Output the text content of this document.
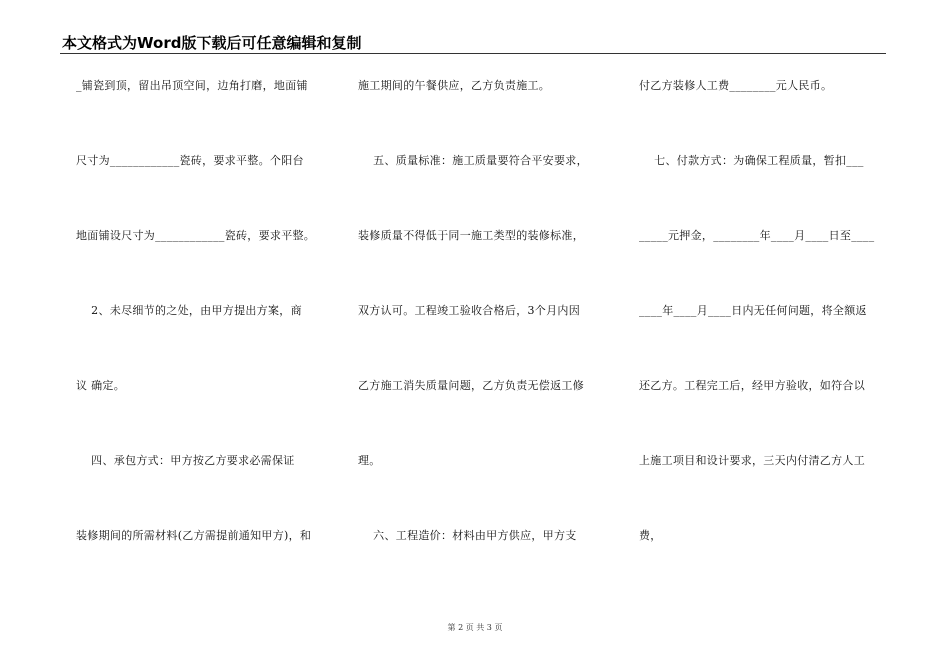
本文格式为Word版下载后可任意编辑和复制
_铺瓷到顶，留出吊顶空间，边角打磨，地面铺
尺寸为____________瓷砖，要求平整。个阳台
地面铺设尺寸为____________瓷砖，要求平整。
2、未尽细节的之处，由甲方提出方案，商
议 确定。
四、承包方式：甲方按乙方要求必需保证
装修期间的所需材料(乙方需提前通知甲方)，和
施工期间的午餐供应，乙方负责施工。
五、质量标准：施工质量要符合平安要求，
装修质量不得低于同一施工类型的装修标准，
双方认可。工程竣工验收合格后，3个月内因
乙方施工消失质量问题，乙方负责无偿返工修
理。
六、工程造价：材料由甲方供应，甲方支
付乙方装修人工费________元人民币。
七、付款方式：为确保工程质量，暂扣___
_____元押金，________年____月____日至____
____年____月____日内无任何问题，将全额返
还乙方。工程完工后，经甲方验收，如符合以
上施工项目和设计要求，三天内付清乙方人工
费，
第 2 页 共 3 页
